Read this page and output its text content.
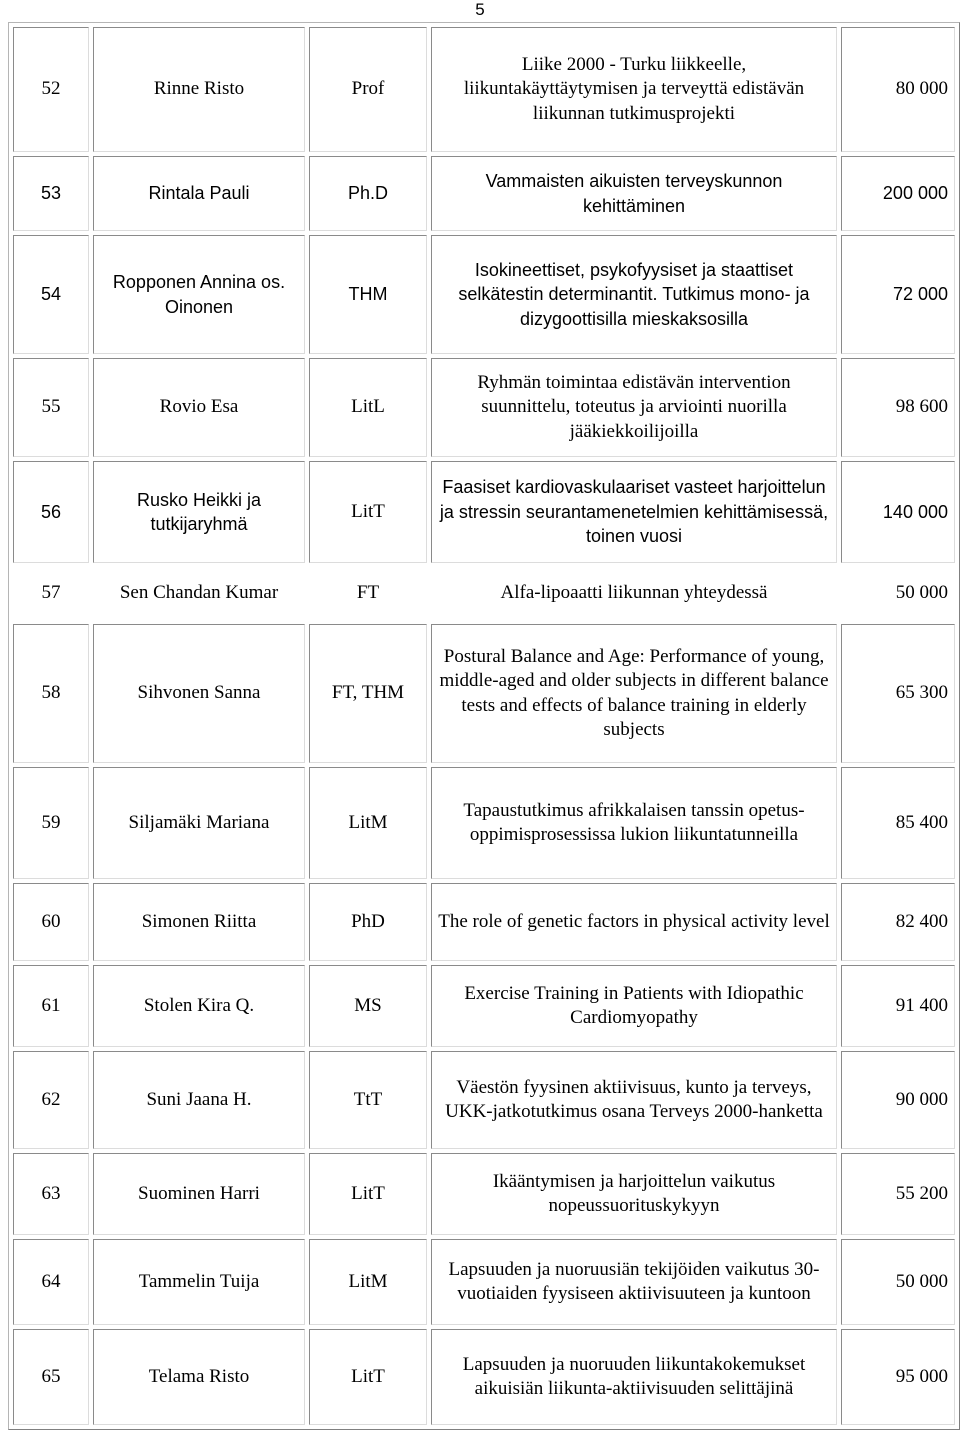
5
52	Rinne Risto	Prof	Liike 2000 - Turku liikkeelle, liikuntakäyttäytymisen ja terveyttä edistävän liikunnan tutkimusprojekti	80 000
53	Rintala Pauli	Ph.D	Vammaisten aikuisten terveyskunnon kehittäminen	200 000
54	Ropponen Annina os. Oinonen	THM	Isokineettiset, psykofyysiset ja staattiset selkätestin determinantit. Tutkimus mono- ja dizygoottisilla mieskaksosilla	72 000
55	Rovio Esa	LitL	Ryhmän toimintaa edistävän intervention suunnittelu, toteutus ja arviointi nuorilla jääkiekkoilijoilla	98 600
56	Rusko Heikki ja tutkijaryhmä	LitT	Faasiset kardiovaskulaariset vasteet harjoittelun ja stressin seurantamenetelmien kehittämisessä, toinen vuosi	140 000
57	Sen Chandan Kumar	FT	Alfa-lipoaatti liikunnan yhteydessä	50 000
58	Sihvonen Sanna	FT, THM	Postural Balance and Age: Performance of young, middle-aged and older subjects in different balance tests and effects of balance training in elderly subjects	65 300
59	Siljamäki Mariana	LitM	Tapaustutkimus afrikkalaisen tanssin opetus-oppimisprosessissa lukion liikuntatunneilla	85 400
60	Simonen Riitta	PhD	The role of genetic factors in physical activity level	82 400
61	Stolen Kira Q.	MS	Exercise Training in Patients with Idiopathic Cardiomyopathy	91 400
62	Suni Jaana H.	TtT	Väestön fyysinen aktiivisuus, kunto ja terveys, UKK-jatkotutkimus osana Terveys 2000-hanketta	90 000
63	Suominen Harri	LitT	Ikääntymisen ja harjoittelun vaikutus nopeussuorituskykyyn	55 200
64	Tammelin Tuija	LitM	Lapsuuden ja nuoruusiän tekijöiden vaikutus 30-vuotiaiden fyysiseen aktiivisuuteen ja kuntoon	50 000
65	Telama Risto	LitT	Lapsuuden ja nuoruuden liikuntakokemukset aikuisiän liikunta-aktiivisuuden selittäjinä	95 000
